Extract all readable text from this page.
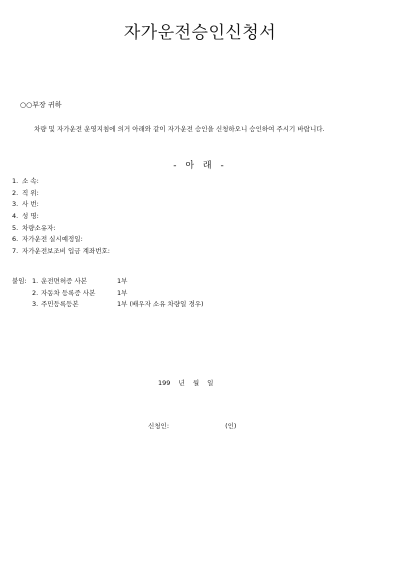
자가운전승인신청서
○○부장 귀하
차량 및 자가운전 운영지침에 의거 아래와 같이 자가운전 승인을 신청하오니 승인하여 주시기 바랍니다.
- 아 래 -
1. 소 속:
2. 직 위:
3. 사 번:
4. 성 명:
5. 차량소유자:
6. 자가운전 실시예정일:
7. 자가운전보조비 입금 계좌번호:
붙임: 1. 운전면허증 사본	1부
2. 자동차 등록증 사본	1부
3. 주민등록등본	1부 (배우자 소유 차량일 경우)
199 년 월 일
신청인:	(인)
